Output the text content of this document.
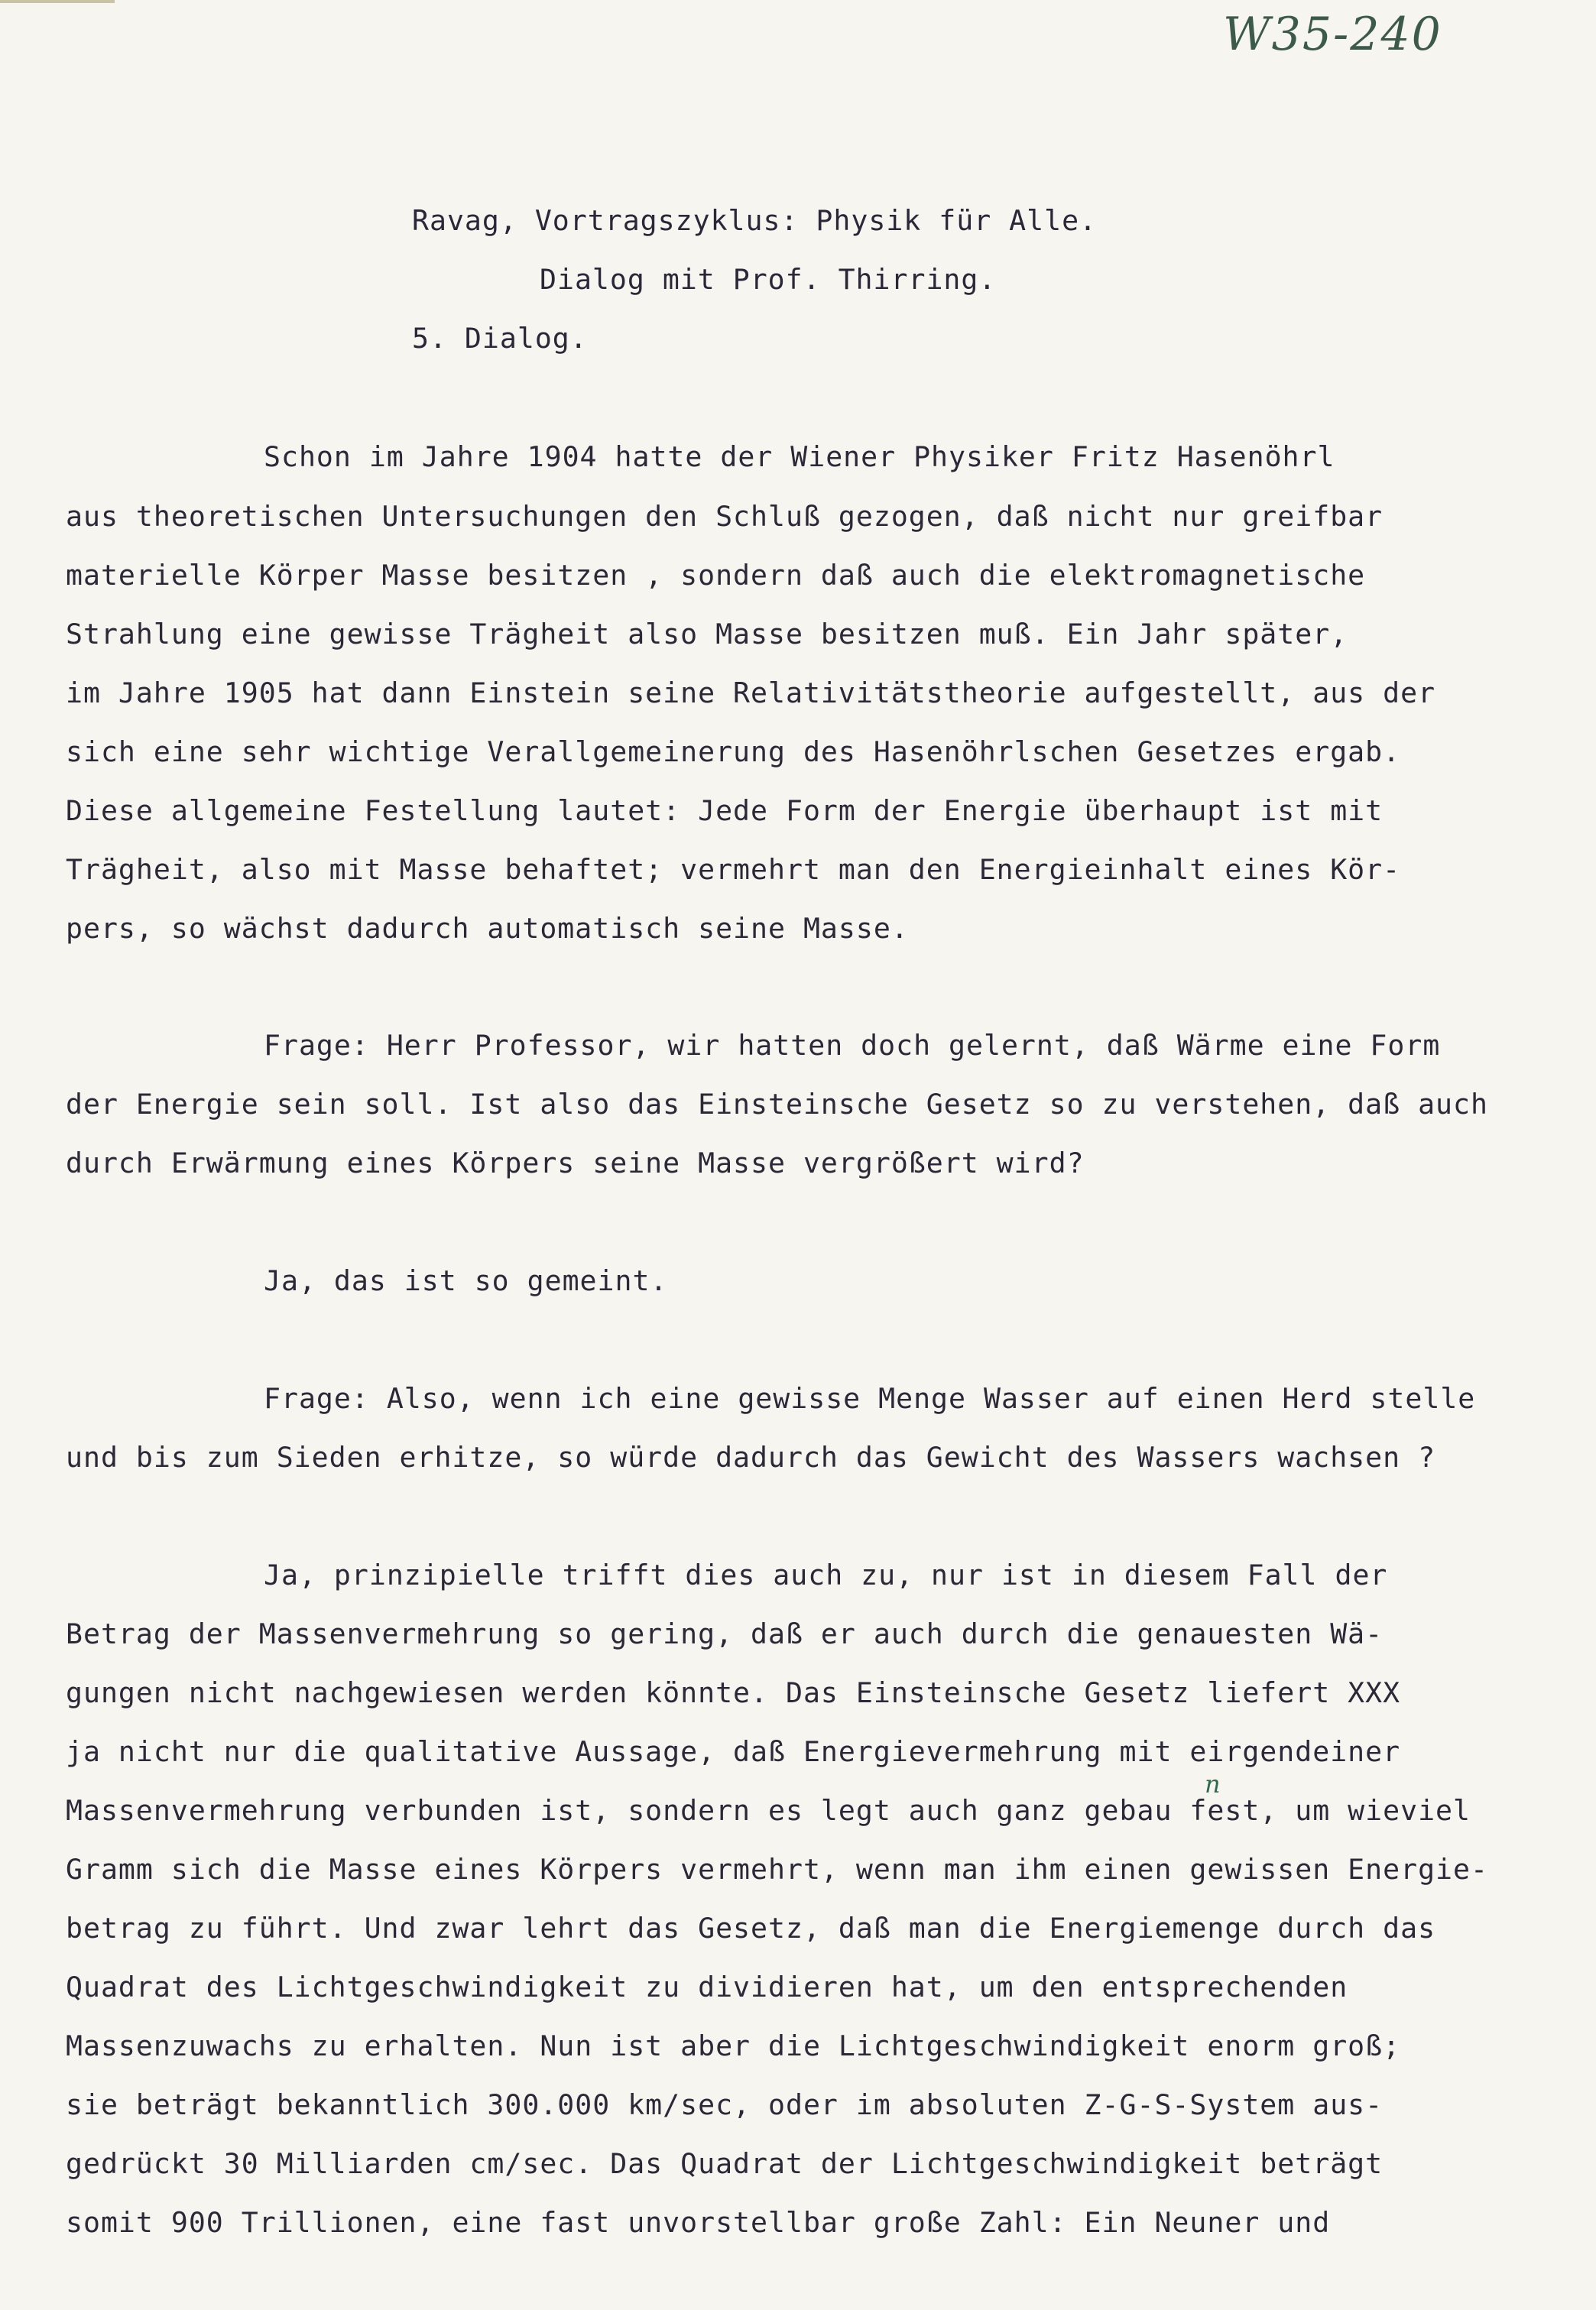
W35-240
Ravag, Vortragszyklus: Physik für Alle.
Dialog mit Prof. Thirring.
5. Dialog.
Schon im Jahre 1904 hatte der Wiener Physiker Fritz Hasenöhrl
aus theoretischen Untersuchungen den Schluß gezogen, daß nicht nur greifbar
materielle Körper Masse besitzen , sondern daß auch die elektromagnetische
Strahlung eine gewisse Trägheit also Masse besitzen muß. Ein Jahr später,
im Jahre 1905 hat dann Einstein seine Relativitätstheorie aufgestellt, aus der
sich eine sehr wichtige Verallgemeinerung des Hasenöhrlschen Gesetzes ergab.
Diese allgemeine Festellung lautet: Jede Form der Energie überhaupt ist mit
Trägheit, also mit Masse behaftet; vermehrt man den Energieinhalt eines Kör-
pers, so wächst dadurch automatisch seine Masse.
Frage: Herr Professor, wir hatten doch gelernt, daß Wärme eine Form
der Energie sein soll. Ist also das Einsteinsche Gesetz so zu verstehen, daß auch
durch Erwärmung eines Körpers seine Masse vergrößert wird?
Ja, das ist so gemeint.
Frage: Also, wenn ich eine gewisse Menge Wasser auf einen Herd stelle
und bis zum Sieden erhitze, so würde dadurch das Gewicht des Wassers wachsen ?
Ja, prinzipielle trifft dies auch zu, nur ist in diesem Fall der
Betrag der Massenvermehrung so gering, daß er auch durch die genauesten Wä-
gungen nicht nachgewiesen werden könnte. Das Einsteinsche Gesetz liefert XXX
ja nicht nur die qualitative Aussage, daß Energievermehrung mit eirgendeiner
Massenvermehrung verbunden ist, sondern es legt auch ganz gebau fest, um wieviel
Gramm sich die Masse eines Körpers vermehrt, wenn man ihm einen gewissen Energie-
betrag zu führt. Und zwar lehrt das Gesetz, daß man die Energiemenge durch das
Quadrat des Lichtgeschwindigkeit zu dividieren hat, um den entsprechenden
Massenzuwachs zu erhalten. Nun ist aber die Lichtgeschwindigkeit enorm groß;
sie beträgt bekanntlich 300.000 km/sec, oder im absoluten Z-G-S-System aus-
gedrückt 30 Milliarden cm/sec. Das Quadrat der Lichtgeschwindigkeit beträgt
somit 900 Trillionen, eine fast unvorstellbar große Zahl: Ein Neuner und
n
